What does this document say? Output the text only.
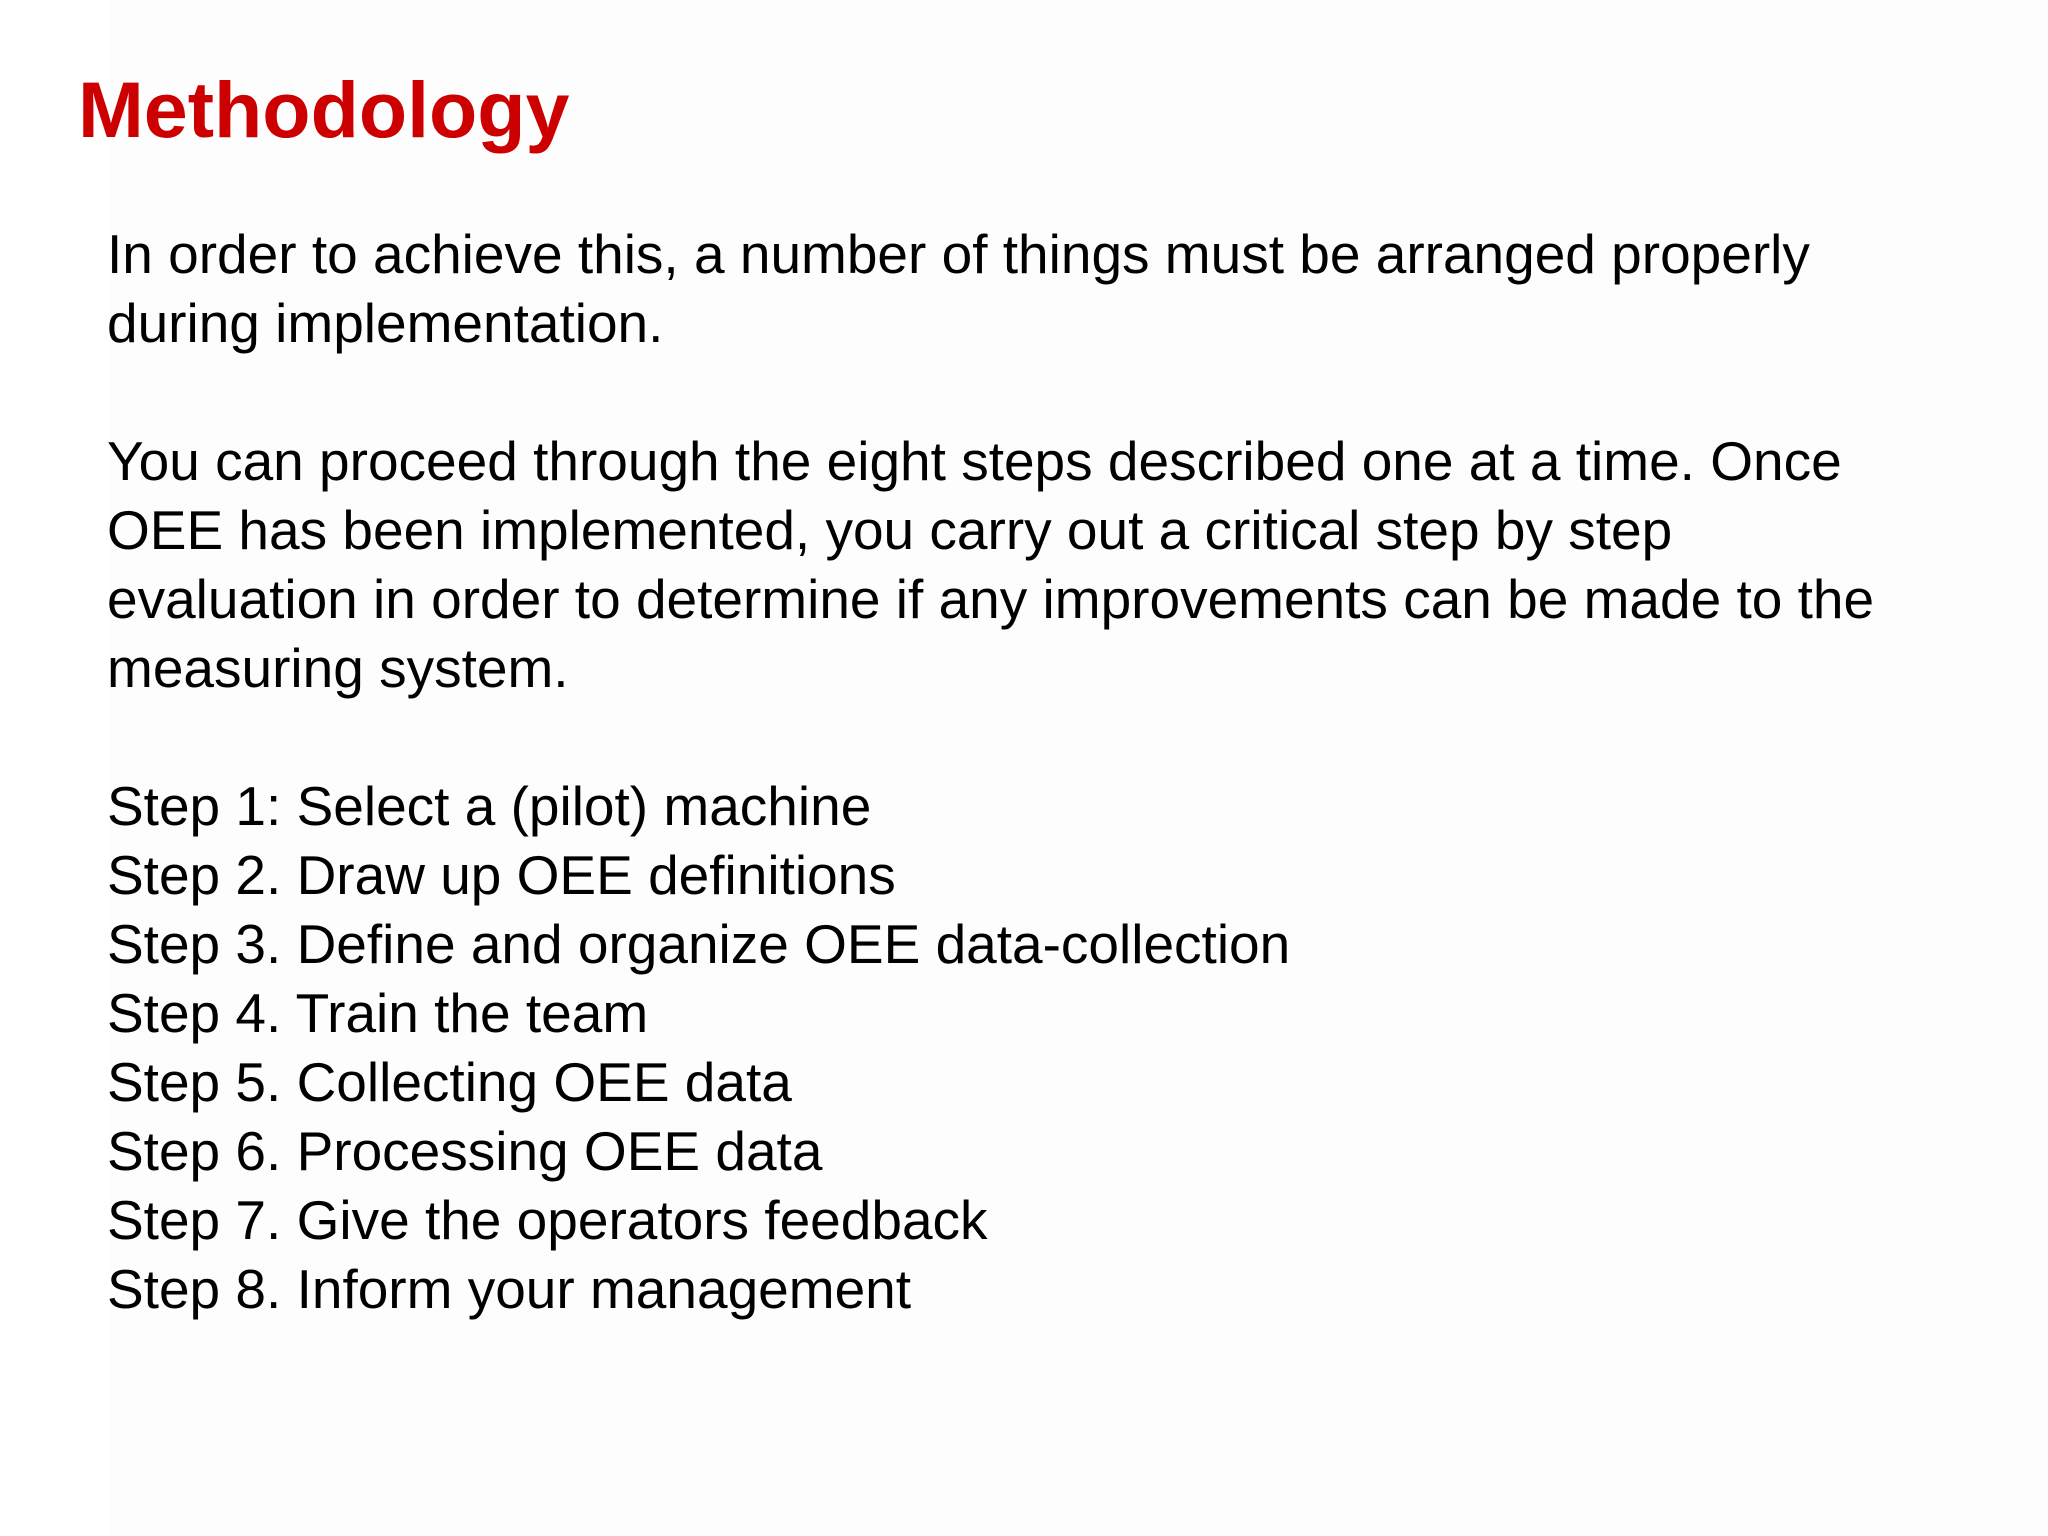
Methodology

In order to achieve this, a number of things must be arranged properly
during implementation.

You can proceed through the eight steps described one at a time. Once
OEE has been implemented, you carry out a critical step by step
evaluation in order to determine if any improvements can be made to the
measuring system.

Step 1: Select a (pilot) machine
Step 2. Draw up OEE definitions
Step 3. Define and organize OEE data-collection
Step 4. Train the team
Step 5. Collecting OEE data
Step 6. Processing OEE data
Step 7. Give the operators feedback
Step 8. Inform your management
